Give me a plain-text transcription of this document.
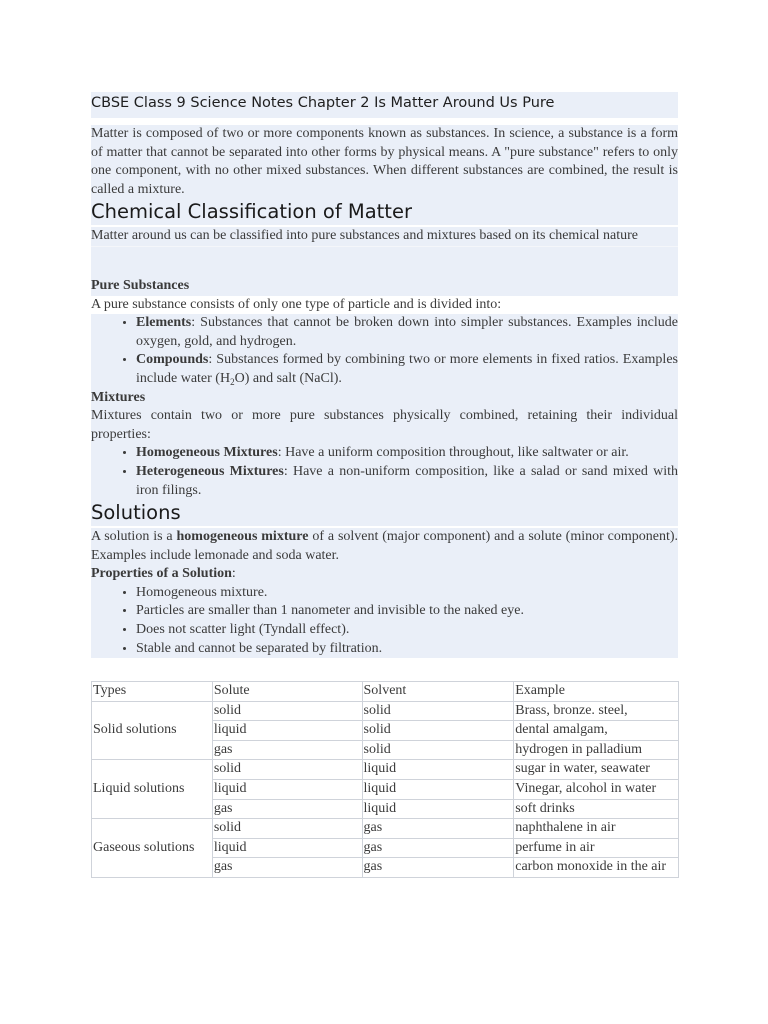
CBSE Class 9 Science Notes Chapter 2 Is Matter Around Us Pure

Matter is composed of two or more components known as substances. In science, a substance is a form of matter that cannot be separated into other forms by physical means. A "pure substance" refers to only one component, with no other mixed substances. When different substances are combined, the result is called a mixture.

Chemical Classification of Matter

Matter around us can be classified into pure substances and mixtures based on its chemical nature

Pure Substances

A pure substance consists of only one type of particle and is divided into:

• Elements: Substances that cannot be broken down into simpler substances. Examples include oxygen, gold, and hydrogen.
• Compounds: Substances formed by combining two or more elements in fixed ratios. Examples include water $(H_2O)$ and salt (NaCl).
Mixtures

Mixtures contain two or more pure substances physically combined, retaining their individual properties:

• Homogeneous Mixtures: Have a uniform composition throughout, like saltwater or air.
• Heterogeneous Mixtures: Have a non-uniform composition, like a salad or sand mixed with iron filings.
Solutions

A solution is a homogeneous mixture of a solvent (major component) and a solute (minor component). Examples include lemonade and soda water.

Properties of a Solution:
• Homogeneous mixture.
• Particles are smaller than 1 nanometer and invisible to the naked eye.
• Does not scatter light (Tyndall effect).
• Stable and cannot be separated by filtration.
Types	Solute	Solvent	Example
Solid solutions	solid	solid	Brass, bronze. steel,
	liquid	solid	dental amalgam,
	gas	solid	hydrogen in palladium
Liquid solutions	solid	liquid	sugar in water, seawater
	liquid	liquid	Vinegar, alcohol in water
	gas	liquid	soft drinks
Gaseous solutions	solid	gas	naphthalene in air
	liquid	gas	perfume in air
	gas	gas	carbon monoxide in the air
